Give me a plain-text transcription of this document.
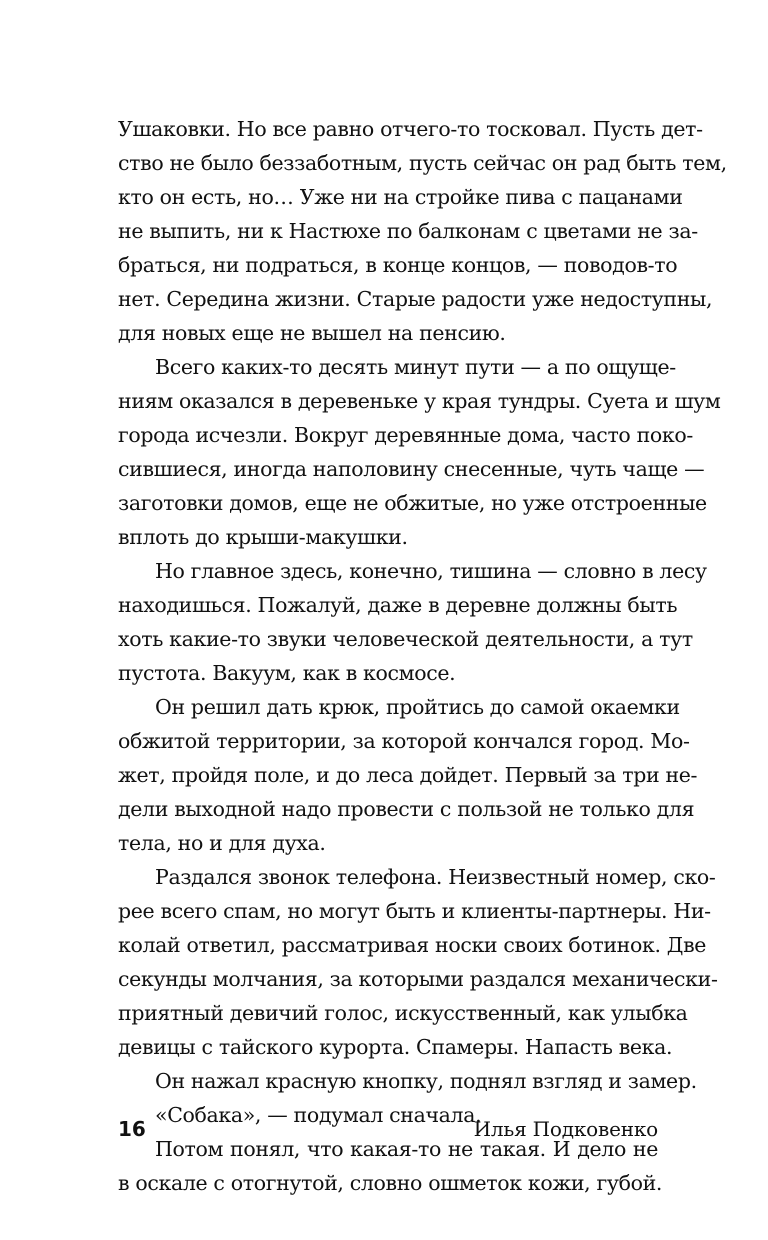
Ушаковки. Но все равно отчего-то тосковал. Пусть дет-
ство не было беззаботным, пусть сейчас он рад быть тем,
кто он есть, но… Уже ни на стройке пива с пацанами
не выпить, ни к Настюхе по балконам с цветами не за-
браться, ни подраться, в конце концов, — поводов-то
нет. Середина жизни. Старые радости уже недоступны,
для новых еще не вышел на пенсию.
Всего каких-то десять минут пути — а по ощуще-
ниям оказался в деревеньке у края тундры. Суета и шум
города исчезли. Вокруг деревянные дома, часто поко-
сившиеся, иногда наполовину снесенные, чуть чаще —
заготовки домов, еще не обжитые, но уже отстроенные
вплоть до крыши-макушки.
Но главное здесь, конечно, тишина — словно в лесу
находишься. Пожалуй, даже в деревне должны быть
хоть какие-то звуки человеческой деятельности, а тут
пустота. Вакуум, как в космосе.
Он решил дать крюк, пройтись до самой окаемки
обжитой территории, за которой кончался город. Мо-
жет, пройдя поле, и до леса дойдет. Первый за три не-
дели выходной надо провести с пользой не только для
тела, но и для духа.
Раздался звонок телефона. Неизвестный номер, ско-
рее всего спам, но могут быть и клиенты-партнеры. Ни-
колай ответил, рассматривая носки своих ботинок. Две
секунды молчания, за которыми раздался механически-
приятный девичий голос, искусственный, как улыбка
девицы с тайского курорта. Спамеры. Напасть века.
Он нажал красную кнопку, поднял взгляд и замер.
«Собака», — подумал сначала.
Потом понял, что какая-то не такая. И дело не
в оскале с отогнутой, словно ошметок кожи, губой.
16	Илья Подковенко
